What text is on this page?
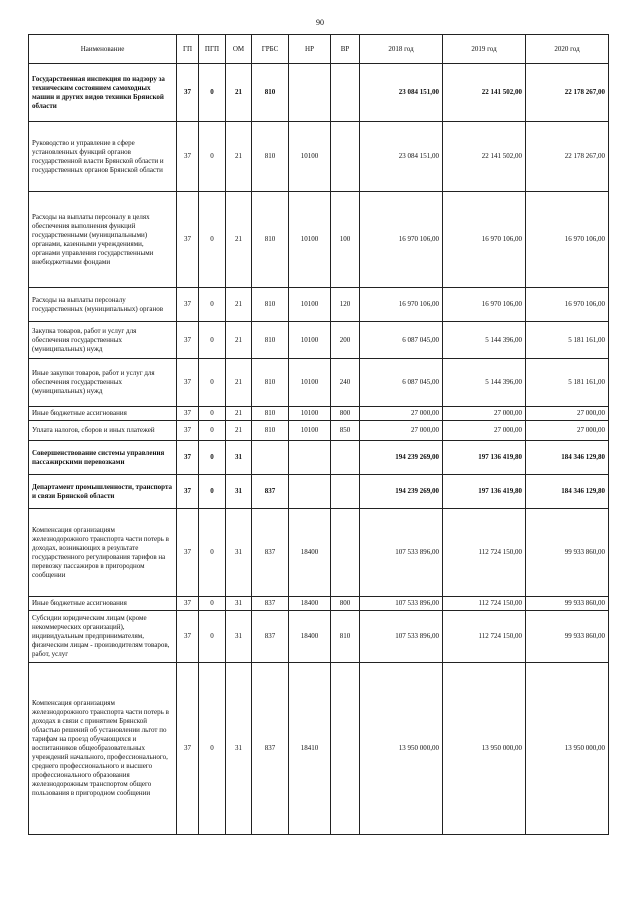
90
Наименование	ГП	ПГП	ОМ	ГРБС	НР	ВР	2018 год	2019 год	2020 год
Государственная инспекция по надзору за техническим состоянием самоходных машин и других видов техники Брянской области	37	0	21	810			23 084 151,00	22 141 502,00	22 178 267,00
Руководство и управление в сфере установленных функций органов государственной власти Брянской области и государственных органов Брянской области	37	0	21	810	10100		23 084 151,00	22 141 502,00	22 178 267,00
Расходы на выплаты персоналу в целях обеспечения выполнения функций государственными (муниципальными) органами, казенными учреждениями, органами управления государственными внебюджетными фондами	37	0	21	810	10100	100	16 970 106,00	16 970 106,00	16 970 106,00
Расходы на выплаты персоналу государственных (муниципальных) органов	37	0	21	810	10100	120	16 970 106,00	16 970 106,00	16 970 106,00
Закупка товаров, работ и услуг для обеспечения государственных (муниципальных) нужд	37	0	21	810	10100	200	6 087 045,00	5 144 396,00	5 181 161,00
Иные закупки товаров, работ и услуг для обеспечения государственных (муниципальных) нужд	37	0	21	810	10100	240	6 087 045,00	5 144 396,00	5 181 161,00
Иные бюджетные ассигнования	37	0	21	810	10100	800	27 000,00	27 000,00	27 000,00
Уплата налогов, сборов и иных платежей	37	0	21	810	10100	850	27 000,00	27 000,00	27 000,00
Совершенствование системы управления пассажирскими перевозками	37	0	31				194 239 269,00	197 136 419,80	184 346 129,80
Департамент промышленности, транспорта и связи Брянской области	37	0	31	837			194 239 269,00	197 136 419,80	184 346 129,80
Компенсация организациям железнодорожного транспорта части потерь в доходах, возникающих в результате государственного регулирования тарифов на перевозку пассажиров в пригородном сообщении	37	0	31	837	18400		107 533 896,00	112 724 150,00	99 933 860,00
Иные бюджетные ассигнования	37	0	31	837	18400	800	107 533 896,00	112 724 150,00	99 933 860,00
Субсидии юридическим лицам (кроме некоммерческих организаций), индивидуальным предпринимателям, физическим лицам - производителям товаров, работ, услуг	37	0	31	837	18400	810	107 533 896,00	112 724 150,00	99 933 860,00
Компенсация организациям железнодорожного транспорта части потерь в доходах в связи с принятием Брянской областью решений об установлении льгот по тарифам на проезд обучающихся и воспитанников общеобразовательных учреждений начального, профессионального, среднего профессионального и высшего профессионального образования железнодорожным транспортом общего пользования в пригородном сообщении	37	0	31	837	18410		13 950 000,00	13 950 000,00	13 950 000,00
